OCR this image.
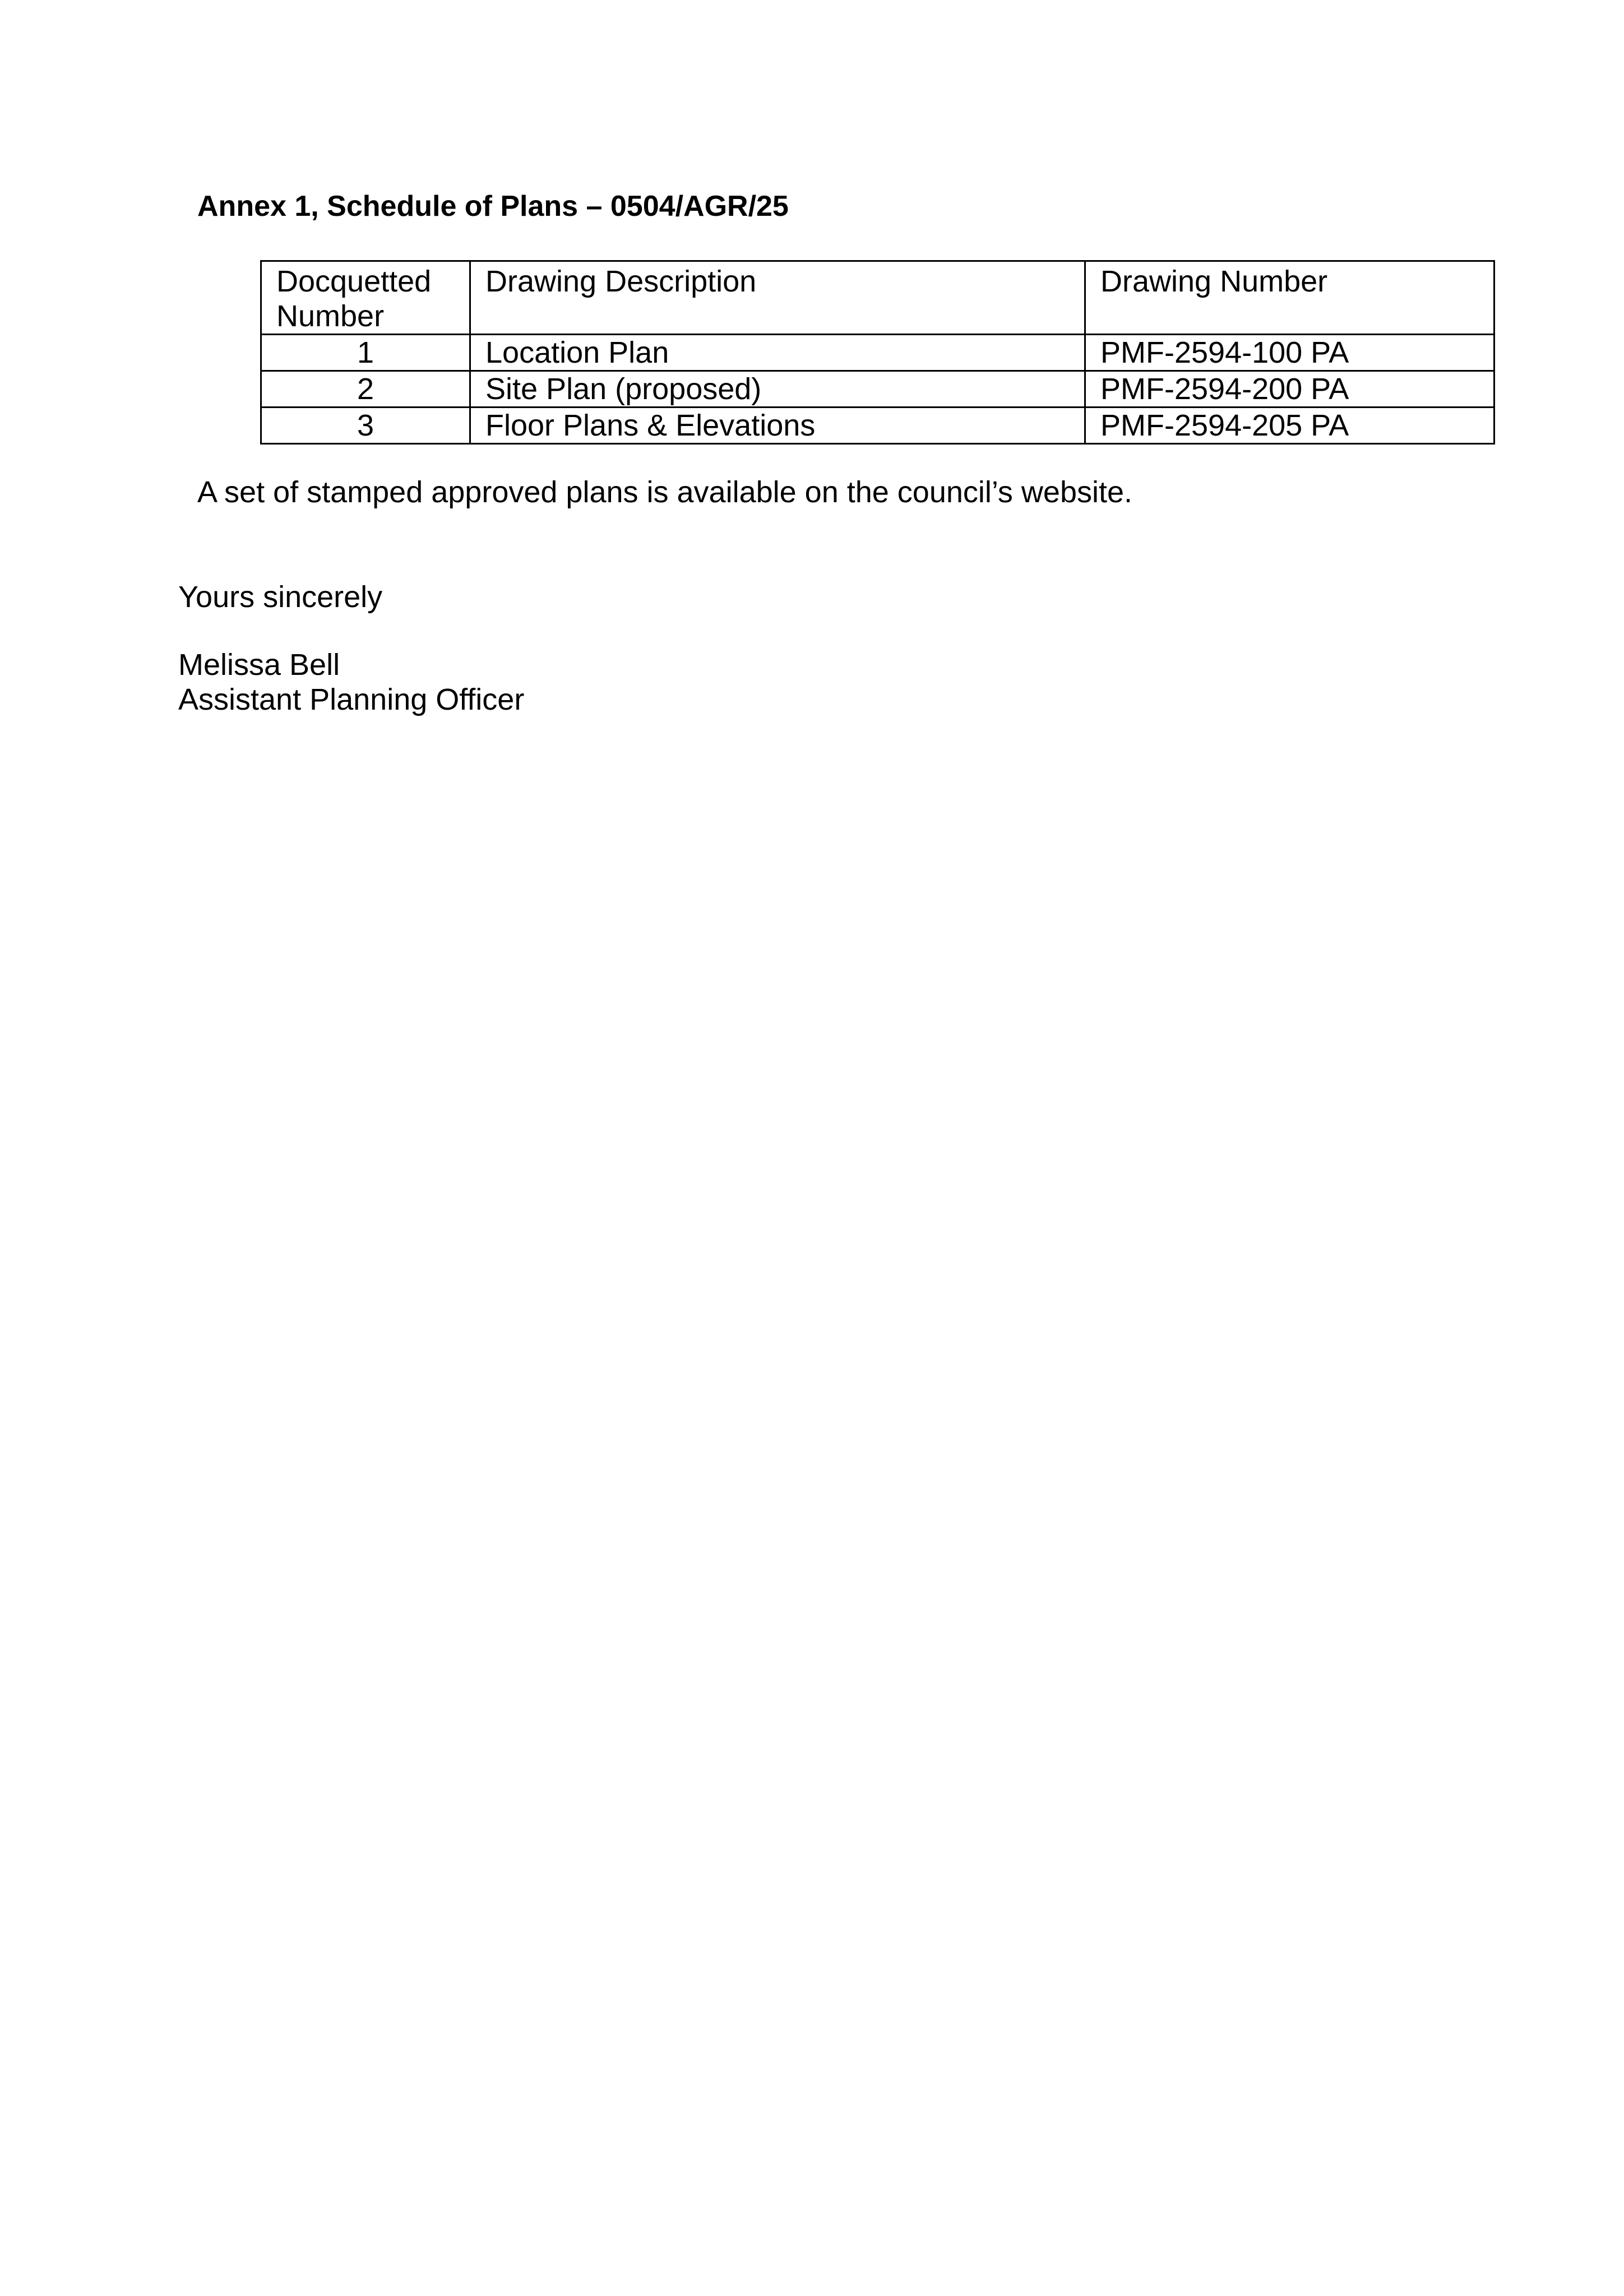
Annex 1, Schedule of Plans – 0504/AGR/25
Docquetted Number	Drawing Description	Drawing Number
1	Location Plan	PMF-2594-100 PA
2	Site Plan (proposed)	PMF-2594-200 PA
3	Floor Plans & Elevations	PMF-2594-205 PA
A set of stamped approved plans is available on the council’s website.
Yours sincerely
Melissa Bell
Assistant Planning Officer
